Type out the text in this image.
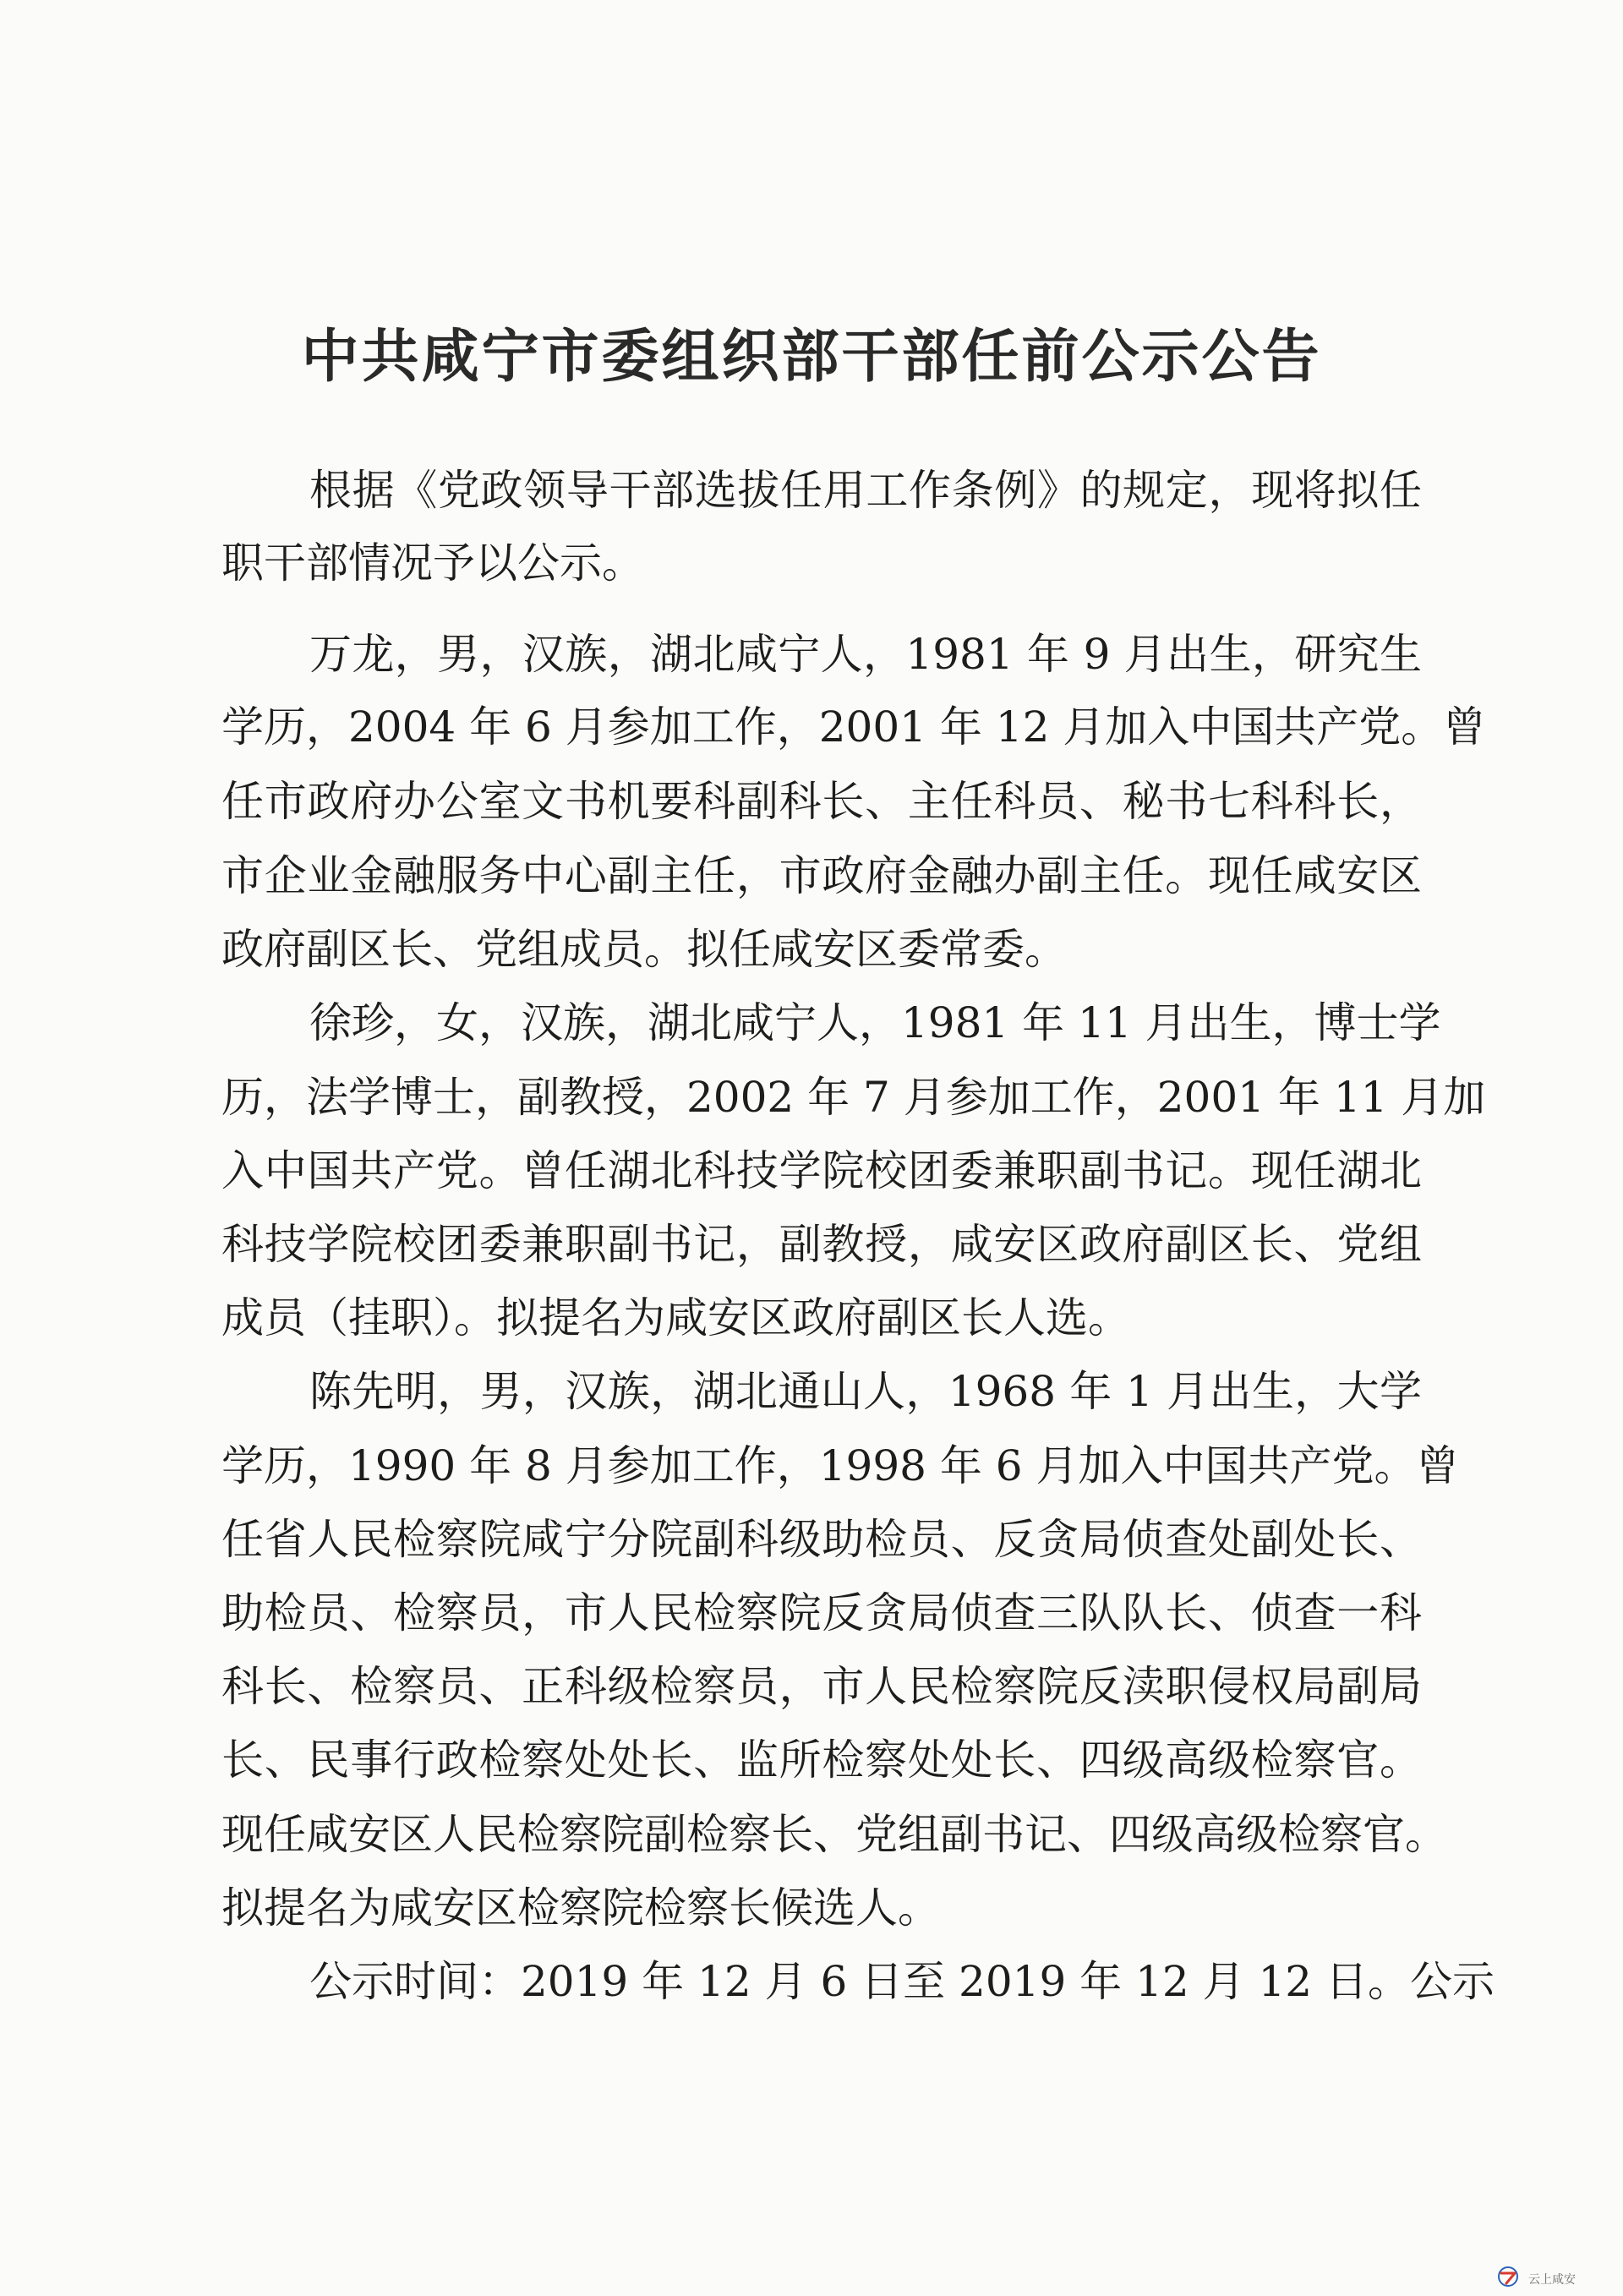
中共咸宁市委组织部干部任前公示公告
根据《党政领导干部选拔任用工作条例》的规定，现将拟任
职干部情况予以公示。
万龙，男，汉族，湖北咸宁人，1981 年 9 月出生，研究生
学历，2004 年 6 月参加工作，2001 年 12 月加入中国共产党。曾
任市政府办公室文书机要科副科长、主任科员、秘书七科科长，
市企业金融服务中心副主任，市政府金融办副主任。现任咸安区
政府副区长、党组成员。拟任咸安区委常委。
徐珍，女，汉族，湖北咸宁人，1981 年 11 月出生，博士学
历，法学博士，副教授，2002 年 7 月参加工作，2001 年 11 月加
入中国共产党。曾任湖北科技学院校团委兼职副书记。现任湖北
科技学院校团委兼职副书记，副教授，咸安区政府副区长、党组
成员（挂职）。拟提名为咸安区政府副区长人选。
陈先明，男，汉族，湖北通山人，1968 年 1 月出生，大学
学历，1990 年 8 月参加工作，1998 年 6 月加入中国共产党。曾
任省人民检察院咸宁分院副科级助检员、反贪局侦查处副处长、
助检员、检察员，市人民检察院反贪局侦查三队队长、侦查一科
科长、检察员、正科级检察员，市人民检察院反渎职侵权局副局
长、民事行政检察处处长、监所检察处处长、四级高级检察官。
现任咸安区人民检察院副检察长、党组副书记、四级高级检察官。
拟提名为咸安区检察院检察长候选人。
公示时间：2019 年 12 月 6 日至 2019 年 12 月 12 日。公示
云上咸安
